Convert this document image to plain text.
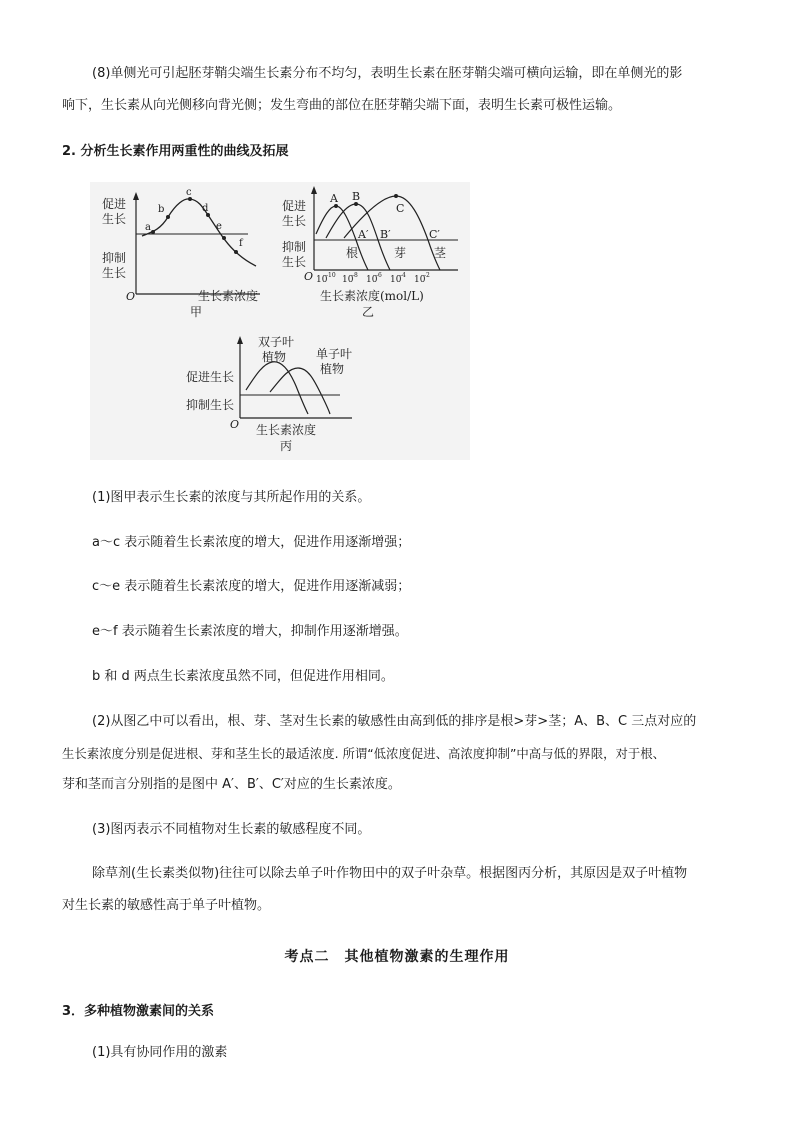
(8)单侧光可引起胚芽鞘尖端生长素分布不均匀，表明生长素在胚芽鞘尖端可横向运输，即在单侧光的影
响下，生长素从向光侧移向背光侧；发生弯曲的部位在胚芽鞘尖端下面，表明生长素可极性运输。
2. 分析生长素作用两重性的曲线及拓展
a
b
c
d
e
f
促进
生长
抑制
生长
O	生长素浓度
甲
A B
C
A′ B′	C′
根	芽 茎
促进
生长
抑制
生长
O 10
-10 10
-8 10
-6 10
-4 10
-2
生长素浓度(mol/L)
乙
双子叶
植物 单子叶
植物
促进生长
抑制生长
O 生长素浓度
丙
(1)图甲表示生长素的浓度与其所起作用的关系。
a～c 表示随着生长素浓度的增大，促进作用逐渐增强；
c～e 表示随着生长素浓度的增大，促进作用逐渐减弱；
e～f 表示随着生长素浓度的增大，抑制作用逐渐增强。
b 和 d 两点生长素浓度虽然不同，但促进作用相同。
(2)从图乙中可以看出，根、芽、茎对生长素的敏感性由高到低的排序是根>芽>茎；A、B、C 三点对应的
生长素浓度分别是促进根、芽和茎生长的最适浓度. 所谓“低浓度促进、高浓度抑制”中高与低的界限，对于根、
芽和茎而言分别指的是图中 A′、B′、C′对应的生长素浓度。
(3)图丙表示不同植物对生长素的敏感程度不同。
除草剂(生长素类似物)往往可以除去单子叶作物田中的双子叶杂草。根据图丙分析，其原因是双子叶植物
对生长素的敏感性高于单子叶植物。
考点二　其他植物激素的生理作用
3．多种植物激素间的关系
(1)具有协同作用的激素
